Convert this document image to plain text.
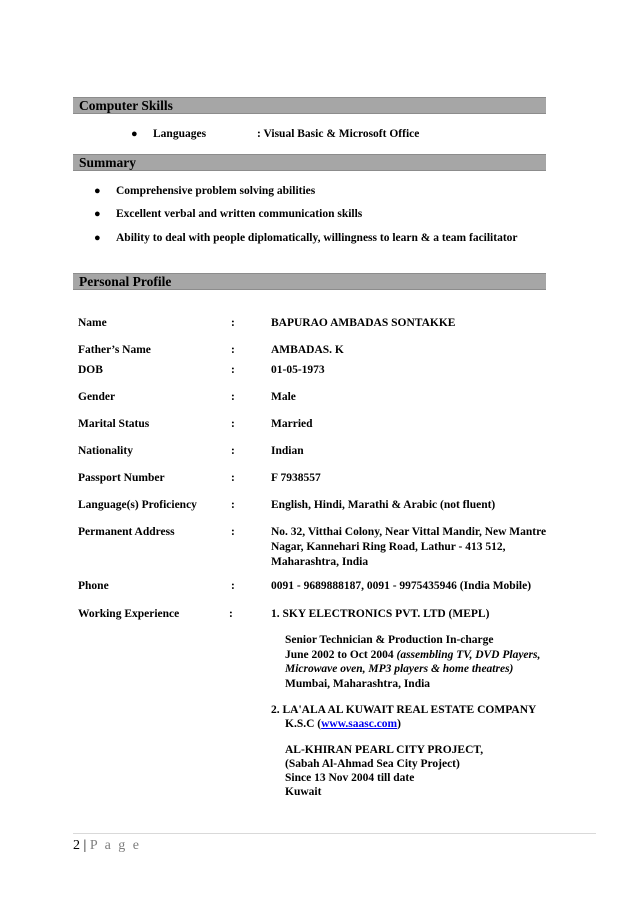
Computer Skills
● Languages	: Visual Basic & Microsoft Office
Summary
● Comprehensive problem solving abilities
● Excellent verbal and written communication skills
● Ability to deal with people diplomatically, willingness to learn & a team facilitator
Personal Profile
Name	:	BAPURAO AMBADAS SONTAKKE
Father’s Name	:	AMBADAS. K
DOB	:	01-05-1973
Gender	:	Male
Marital Status	:	Married
Nationality	:	Indian
Passport Number	:	F 7938557
Language(s) Proficiency	:	English, Hindi, Marathi & Arabic (not fluent)
Permanent Address	:	No. 32, Vitthai Colony, Near Vittal Mandir, New Mantre
Nagar, Kannehari Ring Road, Lathur - 413 512,
Maharashtra, India
Phone	:	0091 - 9689888187, 0091 - 9975435946 (India Mobile)
Working Experience	:	1. SKY ELECTRONICS PVT. LTD (MEPL)
Senior Technician & Production In-charge
June 2002 to Oct 2004 (assembling TV, DVD Players,
Microwave oven, MP3 players & home theatres)
Mumbai, Maharashtra, India
2. LA'ALA AL KUWAIT REAL ESTATE COMPANY
K.S.C (www.saasc.com)
AL-KHIRAN PEARL CITY PROJECT,
(Sabah Al-Ahmad Sea City Project)
Since 13 Nov 2004 till date
Kuwait
2 | P a g e
